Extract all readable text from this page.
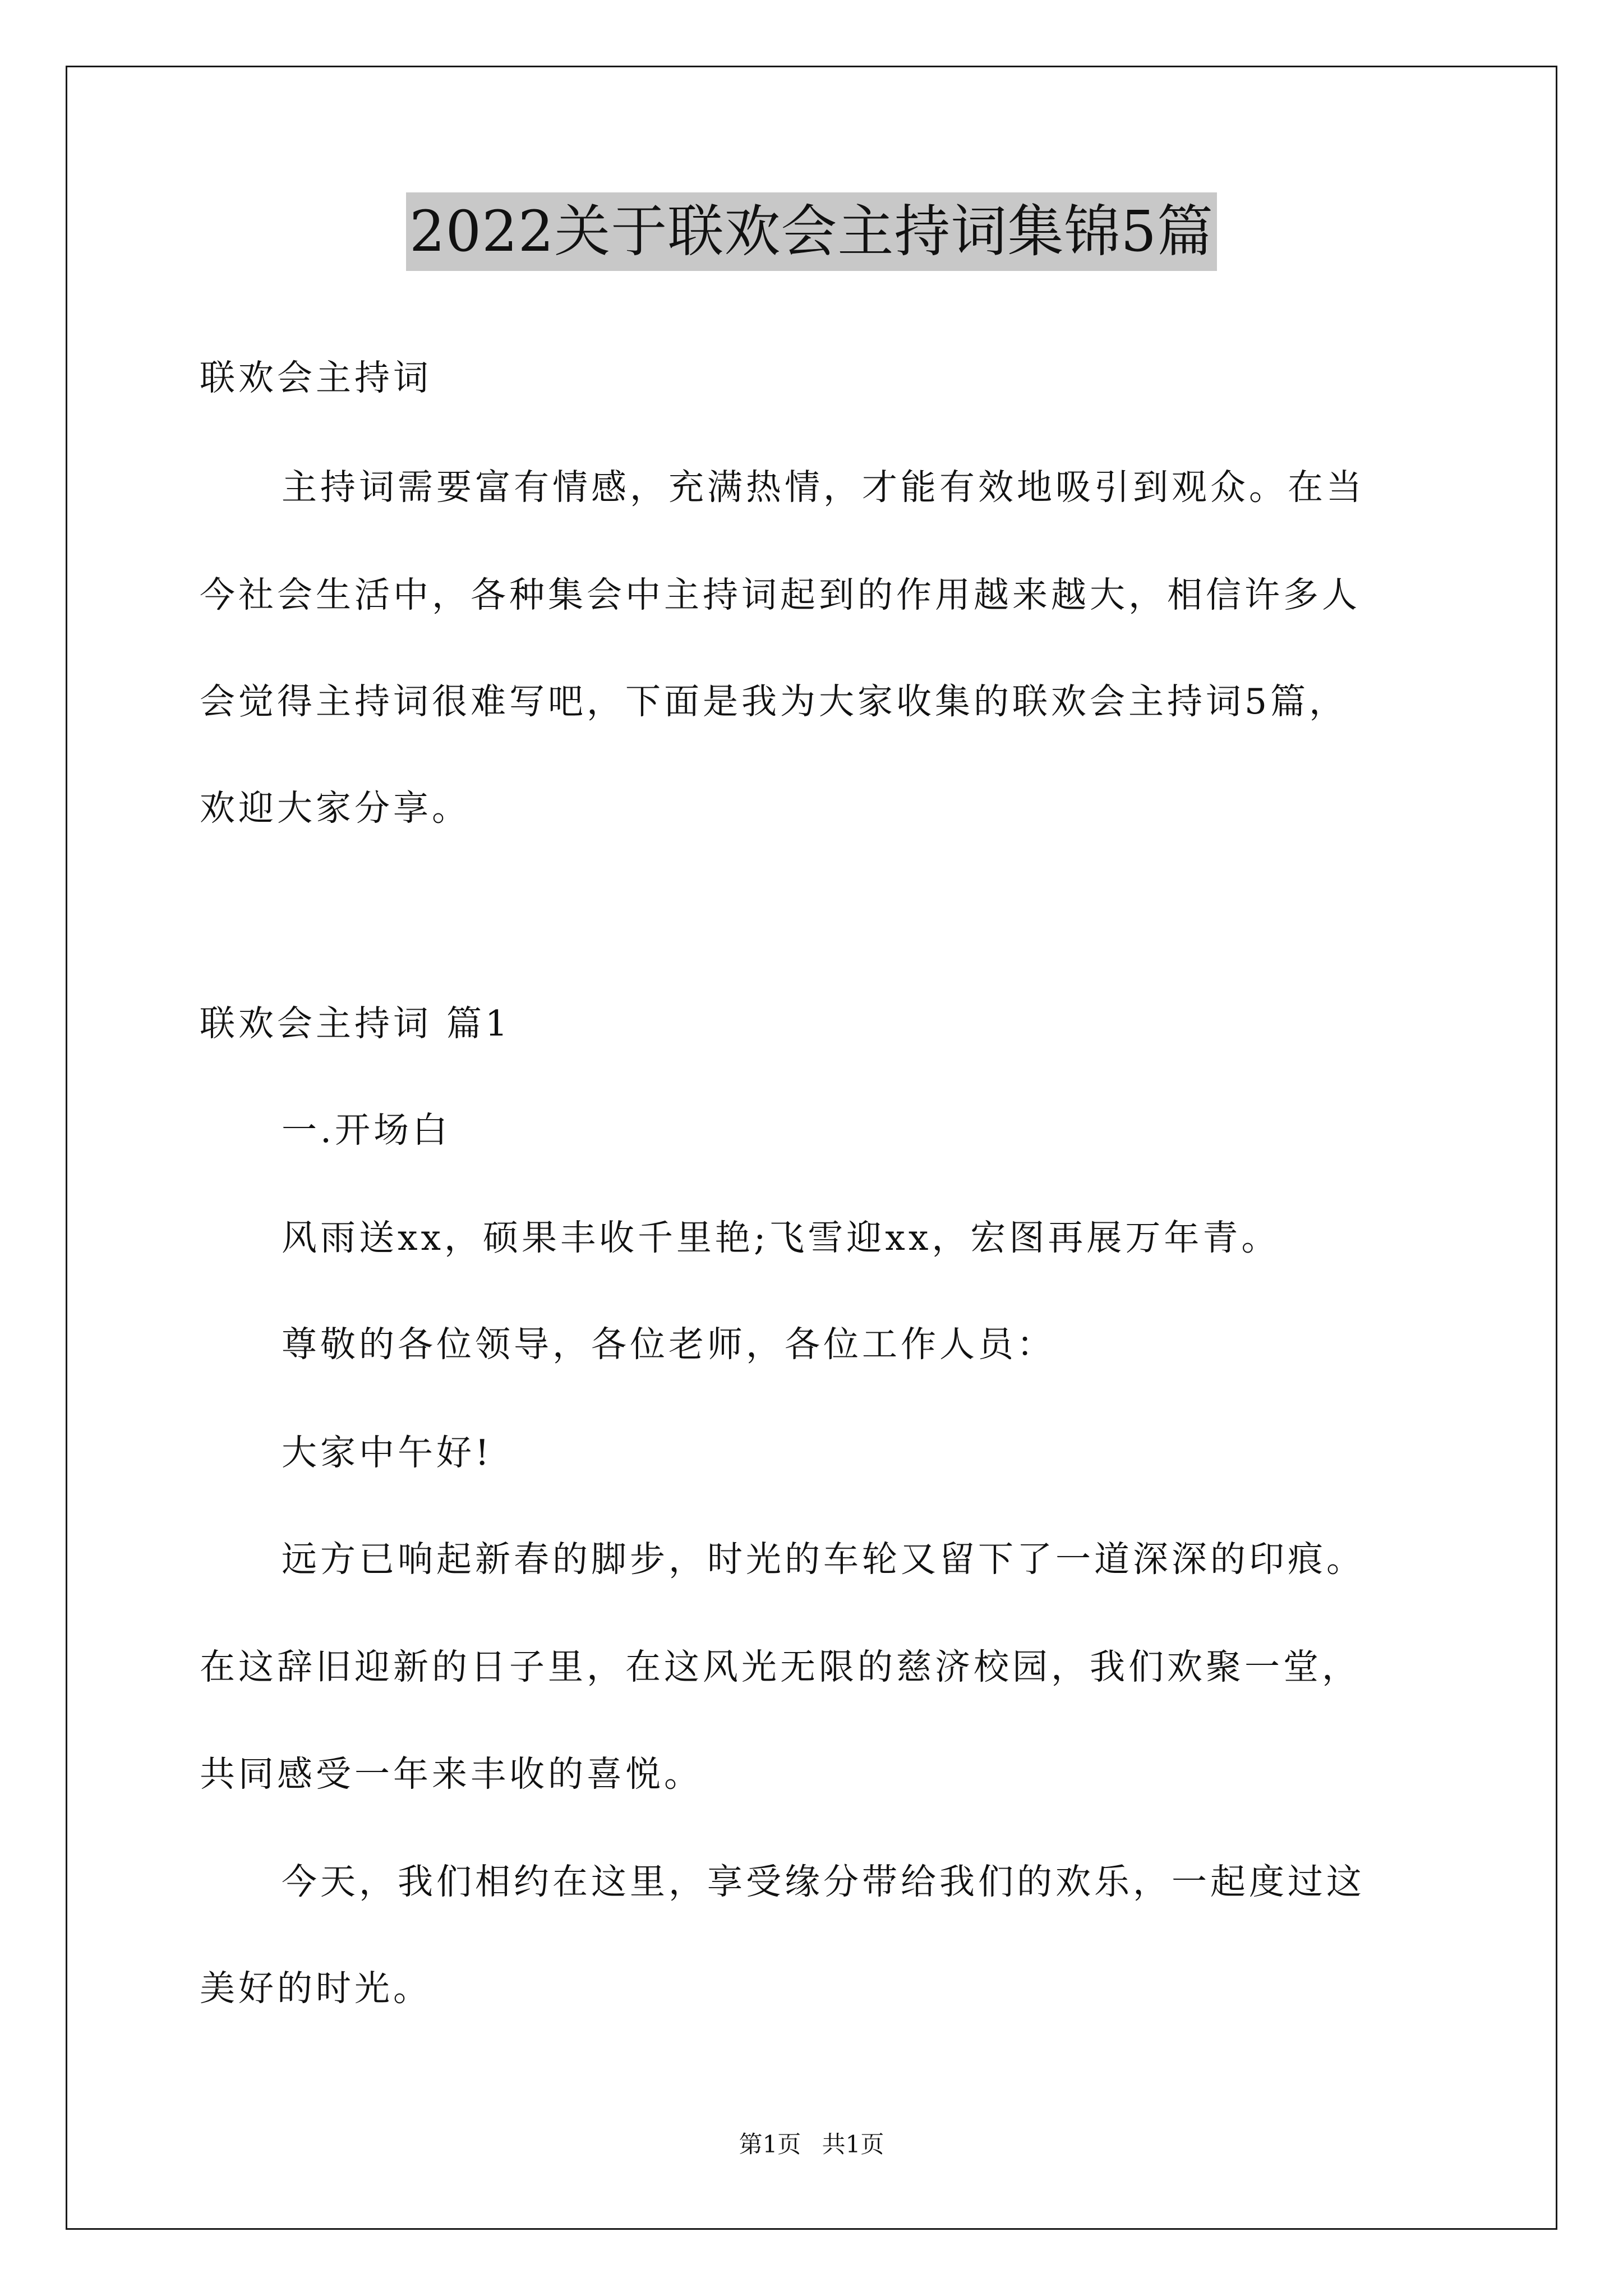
2022关于联欢会主持词集锦5篇
联欢会主持词
主持词需要富有情感，充满热情，才能有效地吸引到观众。在当
今社会生活中，各种集会中主持词起到的作用越来越大，相信许多人
会觉得主持词很难写吧，下面是我为大家收集的联欢会主持词5篇，
欢迎大家分享。
联欢会主持词 篇1
一.开场白
风雨送xx，硕果丰收千里艳;飞雪迎xx，宏图再展万年青。
尊敬的各位领导，各位老师，各位工作人员：
大家中午好!
远方已响起新春的脚步，时光的车轮又留下了一道深深的印痕。
在这辞旧迎新的日子里，在这风光无限的慈济校园，我们欢聚一堂，
共同感受一年来丰收的喜悦。
今天，我们相约在这里，享受缘分带给我们的欢乐，一起度过这
美好的时光。
第1页 共1页
